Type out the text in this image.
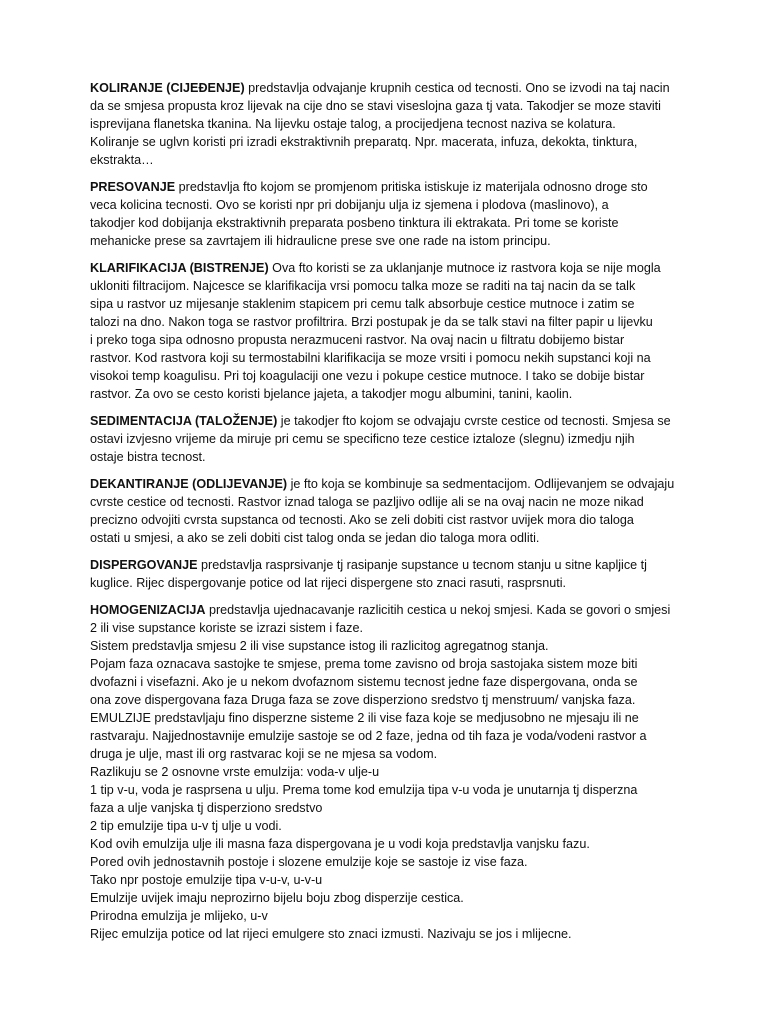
KOLIRANJE (CIJEĐENJE) predstavlja odvajanje krupnih cestica od tecnosti. Ono se izvodi na taj nacin
da se smjesa propusta kroz lijevak na cije dno se stavi viseslojna gaza tj vata. Takodjer se moze staviti
isprevijana flanetska tkanina. Na lijevku ostaje talog, a procijedjena tecnost naziva se kolatura.
Koliranje se uglvn koristi pri izradi ekstraktivnih preparatq. Npr. macerata, infuza, dekokta, tinktura,
ekstrakta…
PRESOVANJE predstavlja fto kojom se promjenom pritiska istiskuje iz materijala odnosno droge sto
veca kolicina tecnosti. Ovo se koristi npr pri dobijanju ulja iz sjemena i plodova (maslinovo), a
takodjer kod dobijanja ekstraktivnih preparata posbeno tinktura ili ektrakata. Pri tome se koriste
mehanicke prese sa zavrtajem ili hidraulicne prese sve one rade na istom principu.
KLARIFIKACIJA (BISTRENJE) Ova fto koristi se za uklanjanje mutnoce iz rastvora koja se nije mogla
ukloniti filtracijom. Najcesce se klarifikacija vrsi pomocu talka moze se raditi na taj nacin da se talk
sipa u rastvor uz mijesanje staklenim stapicem pri cemu talk absorbuje cestice mutnoce i zatim se
talozi na dno. Nakon toga se rastvor profiltrira. Brzi postupak je da se talk stavi na filter papir u lijevku
i preko toga sipa odnosno propusta nerazmuceni rastvor. Na ovaj nacin u filtratu dobijemo bistar
rastvor. Kod rastvora koji su termostabilni klarifikacija se moze vrsiti i pomocu nekih supstanci koji na
visokoi temp koagulisu. Pri toj koagulaciji one vezu i pokupe cestice mutnoce. I tako se dobije bistar
rastvor. Za ovo se cesto koristi bjelance jajeta, a takodjer mogu albumini, tanini, kaolin.
SEDIMENTACIJA (TALOŽENJE) je takodjer fto kojom se odvajaju cvrste cestice od tecnosti. Smjesa se
ostavi izvjesno vrijeme da miruje pri cemu se specificno teze cestice iztaloze (slegnu) izmedju njih
ostaje bistra tecnost.
DEKANTIRANJE (ODLIJEVANJE) je fto koja se kombinuje sa sedmentacijom. Odlijevanjem se odvajaju
cvrste cestice od tecnosti. Rastvor iznad taloga se pazljivo odlije ali se na ovaj nacin ne moze nikad
precizno odvojiti cvrsta supstanca od tecnosti. Ako se zeli dobiti cist rastvor uvijek mora dio taloga
ostati u smjesi, a ako se zeli dobiti cist talog onda se jedan dio taloga mora odliti.
DISPERGOVANJE predstavlja rasprsivanje tj rasipanje supstance u tecnom stanju u sitne kapljice tj
kuglice. Rijec dispergovanje potice od lat rijeci dispergene sto znaci rasuti, rasprsnuti.
HOMOGENIZACIJA predstavlja ujednacavanje razlicitih cestica u nekoj smjesi. Kada se govori o smjesi
2 ili vise supstance koriste se izrazi sistem i faze.
Sistem predstavlja smjesu 2 ili vise supstance istog ili razlicitog agregatnog stanja.
Pojam faza oznacava sastojke te smjese, prema tome zavisno od broja sastojaka sistem moze biti
dvofazni i visefazni. Ako je u nekom dvofaznom sistemu tecnost jedne faze dispergovana, onda se
ona zove dispergovana faza Druga faza se zove disperziono sredstvo tj menstruum/ vanjska faza.
EMULZIJE predstavljaju fino disperzne sisteme 2 ili vise faza koje se medjusobno ne mjesaju ili ne
rastvaraju. Najjednostavnije emulzije sastoje se od 2 faze, jedna od tih faza je voda/vodeni rastvor a
druga je ulje, mast ili org rastvarac koji se ne mjesa sa vodom.
Razlikuju se 2 osnovne vrste emulzija: voda-v ulje-u
1 tip v-u, voda je rasprsena u ulju. Prema tome kod emulzija tipa v-u voda je unutarnja tj disperzna
faza a ulje vanjska tj disperziono sredstvo
2 tip emulzije tipa u-v tj ulje u vodi.
Kod ovih emulzija ulje ili masna faza dispergovana je u vodi koja predstavlja vanjsku fazu.
Pored ovih jednostavnih postoje i slozene emulzije koje se sastoje iz vise faza.
Tako npr postoje emulzije tipa v-u-v, u-v-u
Emulzije uvijek imaju neprozirno bijelu boju zbog disperzije cestica.
Prirodna emulzija je mlijeko, u-v
Rijec emulzija potice od lat rijeci emulgere sto znaci izmusti. Nazivaju se jos i mlijecne.
